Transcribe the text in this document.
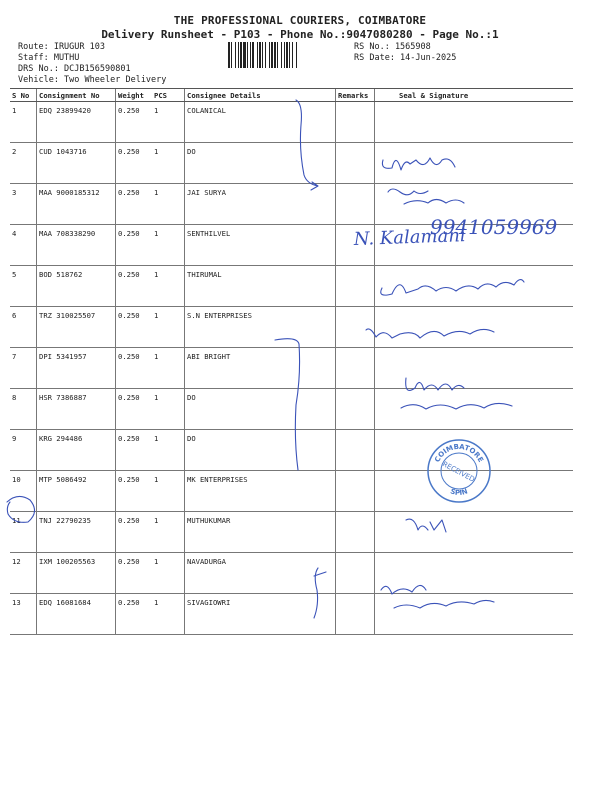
THE PROFESSIONAL COURIERS, COIMBATORE
Delivery Runsheet - P103 - Phone No.:9047080280 - Page No.:1
Route: IRUGUR 103
Staff: MUTHU
DRS No.: DCJB156590801
Vehicle: Two Wheeler Delivery
RS No.: 1565908
RS Date: 14-Jun-2025
S No	Consignment No	Weight	PCS	Consignee Details	Remarks	Seal & Signature
1	EDQ 23899420	0.250	1	COLANICAL		
2	CUD 1043716	0.250	1	DO		
3	MAA 9000185312	0.250	1	JAI SURYA		
4	MAA 708338290	0.250	1	SENTHILVEL		
5	BOD 518762	0.250	1	THIRUMAL		
6	TRZ 310025507	0.250	1	S.N ENTERPRISES		
7	DPI 5341957	0.250	1	ABI BRIGHT		
8	HSR 7386887	0.250	1	DO		
9	KRG 294486	0.250	1	DO		
10	MTP 5086492	0.250	1	MK ENTERPRISES		
11	TNJ 22790235	0.250	1	MUTHUKUMAR		
12	IXM 100205563	0.250	1	NAVADURGA		
13	EDQ 16081684	0.250	1	SIVAGIOWRI		
9941059969
N. Kalamani
COIMBATORE
RECEIVED
SPIN
